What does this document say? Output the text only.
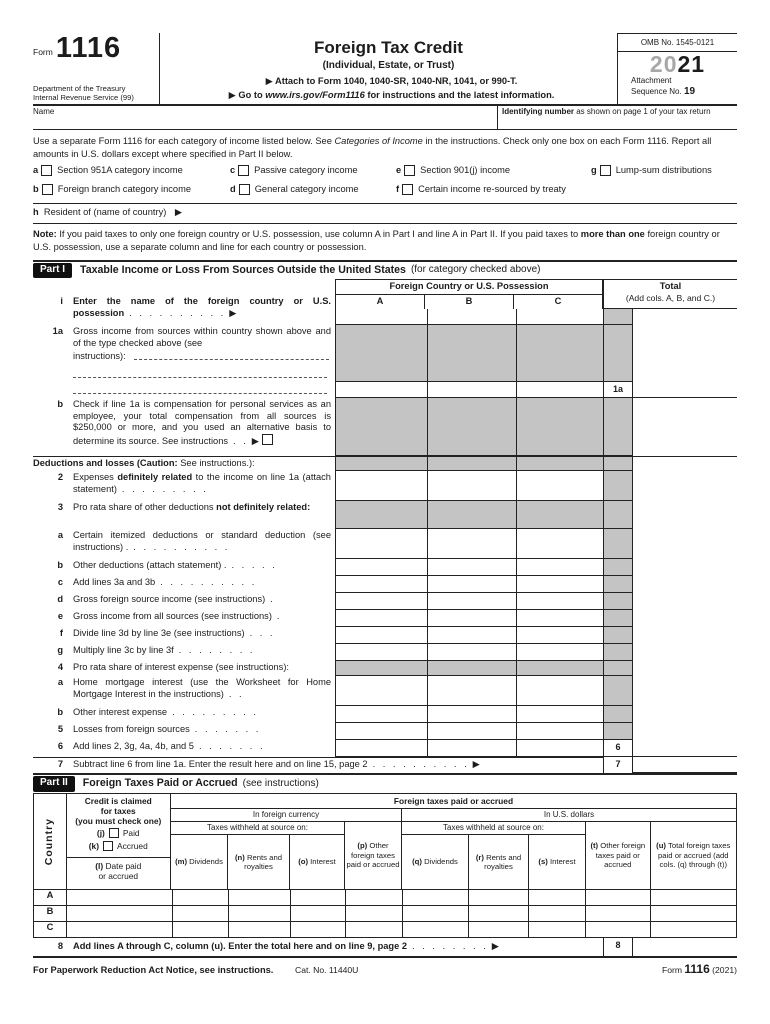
Form 1116
Department of the Treasury
Internal Revenue Service (99)
Foreign Tax Credit
(Individual, Estate, or Trust)
▶ Attach to Form 1040, 1040-SR, 1040-NR, 1041, or 990-T.
▶ Go to www.irs.gov/Form1116 for instructions and the latest information.
OMB No. 1545-0121
2021
Attachment
Sequence No. 19
Name	Identifying number as shown on page 1 of your tax return
Use a separate Form 1116 for each category of income listed below. See Categories of Income in the instructions. Check only one box on each Form 1116. Report all amounts in U.S. dollars except where specified in Part II below.
a Section 951A category income
b Foreign branch category income
c Passive category income
d General category income
e Section 901(j) income
f Certain income re-sourced by treaty
g Lump-sum distributions
h Resident of (name of country) ▶
Note: If you paid taxes to only one foreign country or U.S. possession, use column A in Part I and line A in Part II. If you paid taxes to more than one foreign country or U.S. possession, use a separate column and line for each country or possession.
Part I	Taxable Income or Loss From Sources Outside the United States (for category checked above)
Foreign Country or U.S. Possession
A	B	C
Total
(Add cols. A, B, and C.)
i	Enter the name of the foreign country or U.S. possession . . . . . . . . . . ▶
1a	Gross income from sources within country shown above and of the type checked above (see
instructions):
1a
b	Check if line 1a is compensation for personal services as an employee, your total compensation from all sources is $250,000 or more, and you used an alternative basis to determine its source. See instructions . . ▶
Deductions and losses (Caution: See instructions.):
2	Expenses definitely related to the income on line 1a (attach statement) . . . . . . . . .
3	Pro rata share of other deductions not definitely related:
a	Certain itemized deductions or standard deduction (see instructions) . . . . . . . . . . .
b	Other deductions (attach statement) . . . . . .
c	Add lines 3a and 3b . . . . . . . . . .
d	Gross foreign source income (see instructions) .
e	Gross income from all sources (see instructions) .
f	Divide line 3d by line 3e (see instructions) . . .
g	Multiply line 3c by line 3f . . . . . . . .
4	Pro rata share of interest expense (see instructions):
a	Home mortgage interest (use the Worksheet for Home Mortgage Interest in the instructions) . .
b	Other interest expense . . . . . . . . .
5	Losses from foreign sources . . . . . . .
6	Add lines 2, 3g, 4a, 4b, and 5 . . . . . . .	6
7	Subtract line 6 from line 1a. Enter the result here and on line 15, page 2 . . . . . . . . . . ▶	7
Part II	Foreign Taxes Paid or Accrued (see instructions)
Country
Credit is claimed
for taxes
(you must check one)
(j) Paid
(k) Accrued
(l) Date paid
or accrued
Foreign taxes paid or accrued
In foreign currency
Taxes withheld at source on:
(m) Dividends
(n) Rents and royalties
(o) Interest
(p) Other foreign taxes paid or accrued
In U.S. dollars
Taxes withheld at source on:
(q) Dividends
(r) Rents and royalties
(s) Interest
(t) Other foreign taxes paid or accrued
(u) Total foreign taxes paid or accrued (add cols. (q) through (t))
A
B
C
8	Add lines A through C, column (u). Enter the total here and on line 9, page 2 . . . . . . . . ▶	8
For Paperwork Reduction Act Notice, see instructions.	Cat. No. 11440U	Form 1116 (2021)
